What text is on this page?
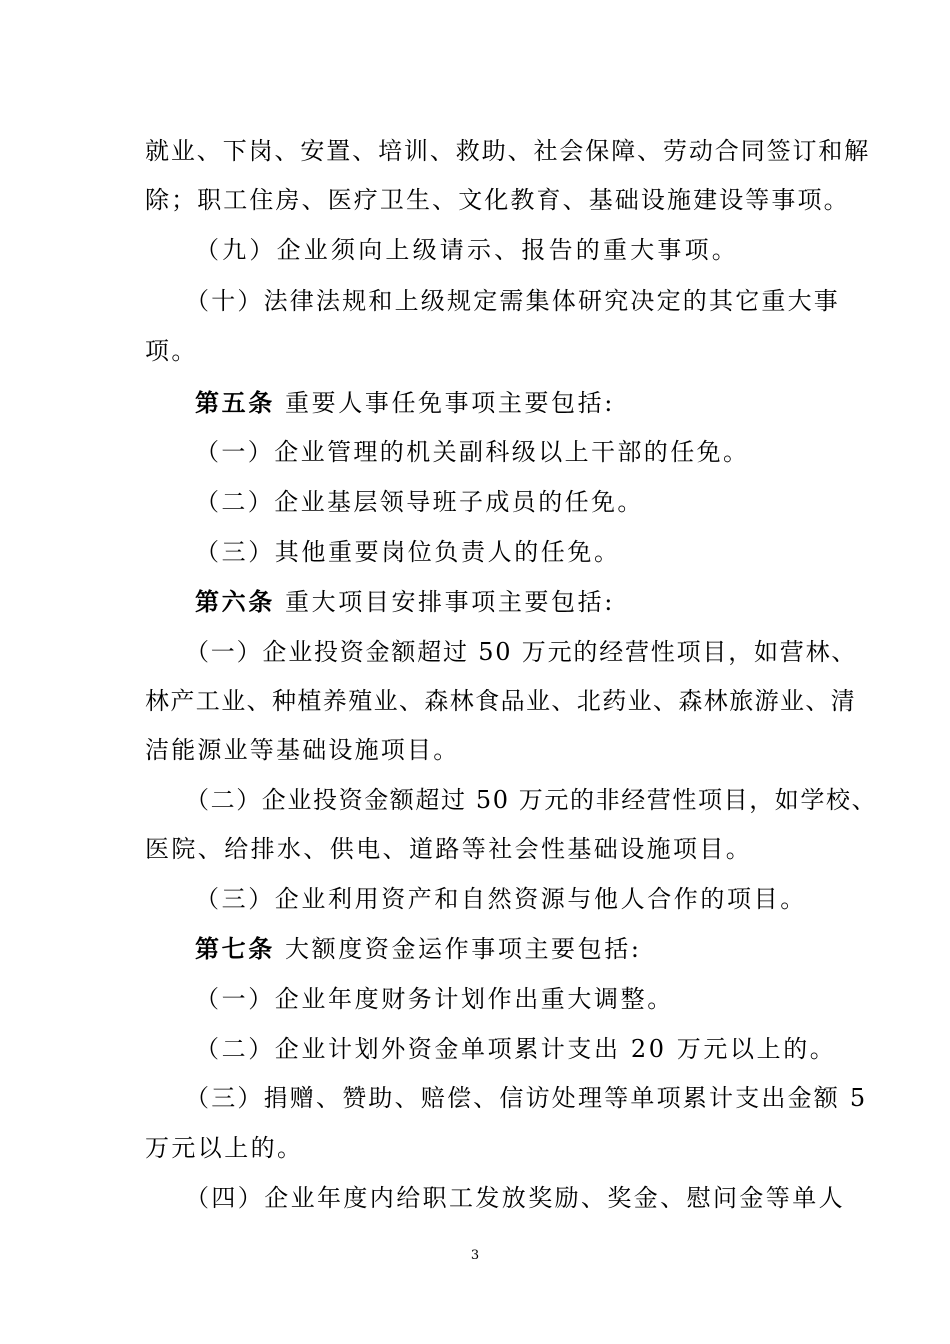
就业、下岗、安置、培训、救助、社会保障、劳动合同签订和解
除；职工住房、医疗卫生、文化教育、基础设施建设等事项。
（九）企业须向上级请示、报告的重大事项。
（十）法律法规和上级规定需集体研究决定的其它重大事
项。
第五条 重要人事任免事项主要包括:
（一）企业管理的机关副科级以上干部的任免。
（二）企业基层领导班子成员的任免。
（三）其他重要岗位负责人的任免。
第六条 重大项目安排事项主要包括:
（一）企业投资金额超过 50 万元的经营性项目，如营林、
林产工业、种植养殖业、森林食品业、北药业、森林旅游业、清
洁能源业等基础设施项目。
（二）企业投资金额超过 50 万元的非经营性项目，如学校、
医院、给排水、供电、道路等社会性基础设施项目。
（三）企业利用资产和自然资源与他人合作的项目。
第七条 大额度资金运作事项主要包括:
（一）企业年度财务计划作出重大调整。
（二）企业计划外资金单项累计支出 20 万元以上的。
（三）捐赠、赞助、赔偿、信访处理等单项累计支出金额 5
万元以上的。
（四）企业年度内给职工发放奖励、奖金、慰问金等单人
3
